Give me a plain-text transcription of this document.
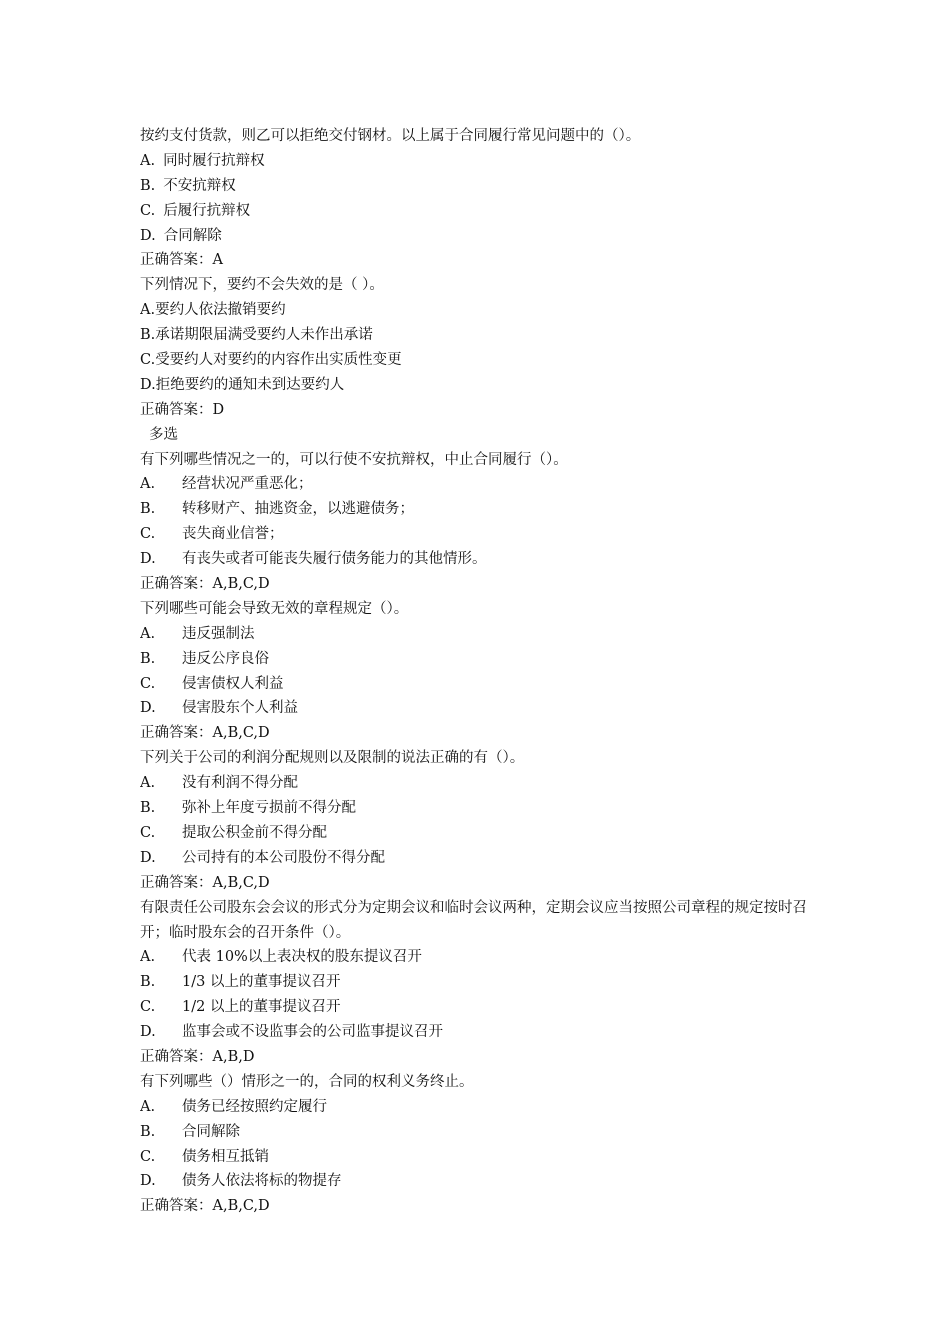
按约支付货款，则乙可以拒绝交付钢材。以上属于合同履行常见问题中的（）。
A. 同时履行抗辩权
B. 不安抗辩权
C. 后履行抗辩权
D. 合同解除
正确答案：A
下列情况下，要约不会失效的是（ ）。
A.要约人依法撤销要约
B.承诺期限届满受要约人未作出承诺
C.受要约人对要约的内容作出实质性变更
D.拒绝要约的通知未到达要约人
正确答案：D
多选
有下列哪些情况之一的，可以行使不安抗辩权，中止合同履行（）。
A. 经营状况严重恶化；
B. 转移财产、抽逃资金，以逃避债务；
C. 丧失商业信誉；
D. 有丧失或者可能丧失履行债务能力的其他情形。
正确答案：A,B,C,D
下列哪些可能会导致无效的章程规定（）。
A. 违反强制法
B. 违反公序良俗
C. 侵害债权人利益
D. 侵害股东个人利益
正确答案：A,B,C,D
下列关于公司的利润分配规则以及限制的说法正确的有（）。
A. 没有利润不得分配
B. 弥补上年度亏损前不得分配
C. 提取公积金前不得分配
D. 公司持有的本公司股份不得分配
正确答案：A,B,C,D
有限责任公司股东会会议的形式分为定期会议和临时会议两种，定期会议应当按照公司章程的规定按时召开；临时股东会的召开条件（）。
A. 代表 10%以上表决权的股东提议召开
B. 1/3 以上的董事提议召开
C. 1/2 以上的董事提议召开
D. 监事会或不设监事会的公司监事提议召开
正确答案：A,B,D
有下列哪些（）情形之一的，合同的权利义务终止。
A. 债务已经按照约定履行
B. 合同解除
C. 债务相互抵销
D. 债务人依法将标的物提存
正确答案：A,B,C,D
